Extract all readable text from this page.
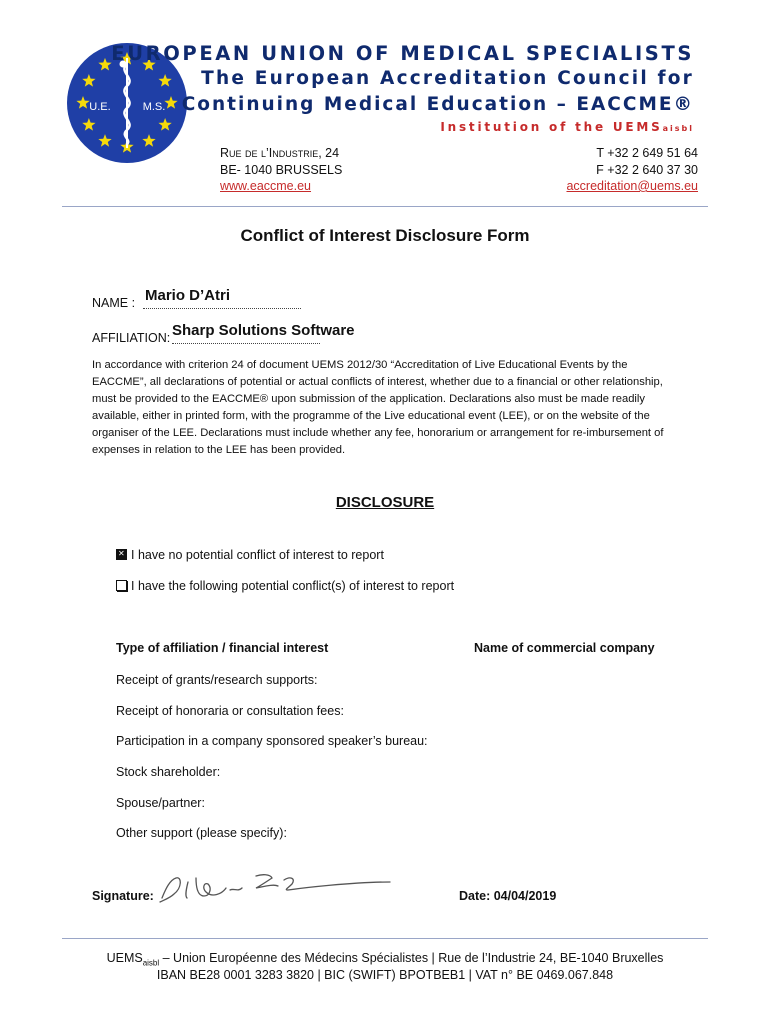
U.E.	M.S.
EUROPEAN UNION OF MEDICAL SPECIALISTS
The European Accreditation Council for
Continuing Medical Education – EACCME®
Institution of the UEMSaisbl
Rue de l’Industrie, 24
BE- 1040 BRUSSELS
www.eaccme.eu
T +32 2 649 51 64
F +32 2 640 37 30
accreditation@uems.eu
Conflict of Interest Disclosure Form
NAME : Mario D’Atri
AFFILIATION: Sharp Solutions Software
In accordance with criterion 24 of document UEMS 2012/30 “Accreditation of Live Educational Events by the EACCME”, all declarations of potential or actual conflicts of interest, whether due to a financial or other relationship, must be provided to the EACCME® upon submission of the application. Declarations also must be made readily available, either in printed form, with the programme of the Live educational event (LEE), or on the website of the organiser of the LEE. Declarations must include whether any fee, honorarium or arrangement for re-imbursement of expenses in relation to the LEE has been provided.
DISCLOSURE
✕I have no potential conflict of interest to report
I have the following potential conflict(s) of interest to report
Type of affiliation / financial interest	Name of commercial company
Receipt of grants/research supports:
Receipt of honoraria or consultation fees:
Participation in a company sponsored speaker’s bureau:
Stock shareholder:
Spouse/partner:
Other support (please specify):
Signature:	Date: 04/04/2019
$UEMS_{aisbl}$ – Union Européenne des Médecins Spécialistes | Rue de l’Industrie 24, BE-1040 Bruxelles
IBAN BE28 0001 3283 3820 | BIC (SWIFT) BPOTBEB1 | VAT n° BE 0469.067.848
